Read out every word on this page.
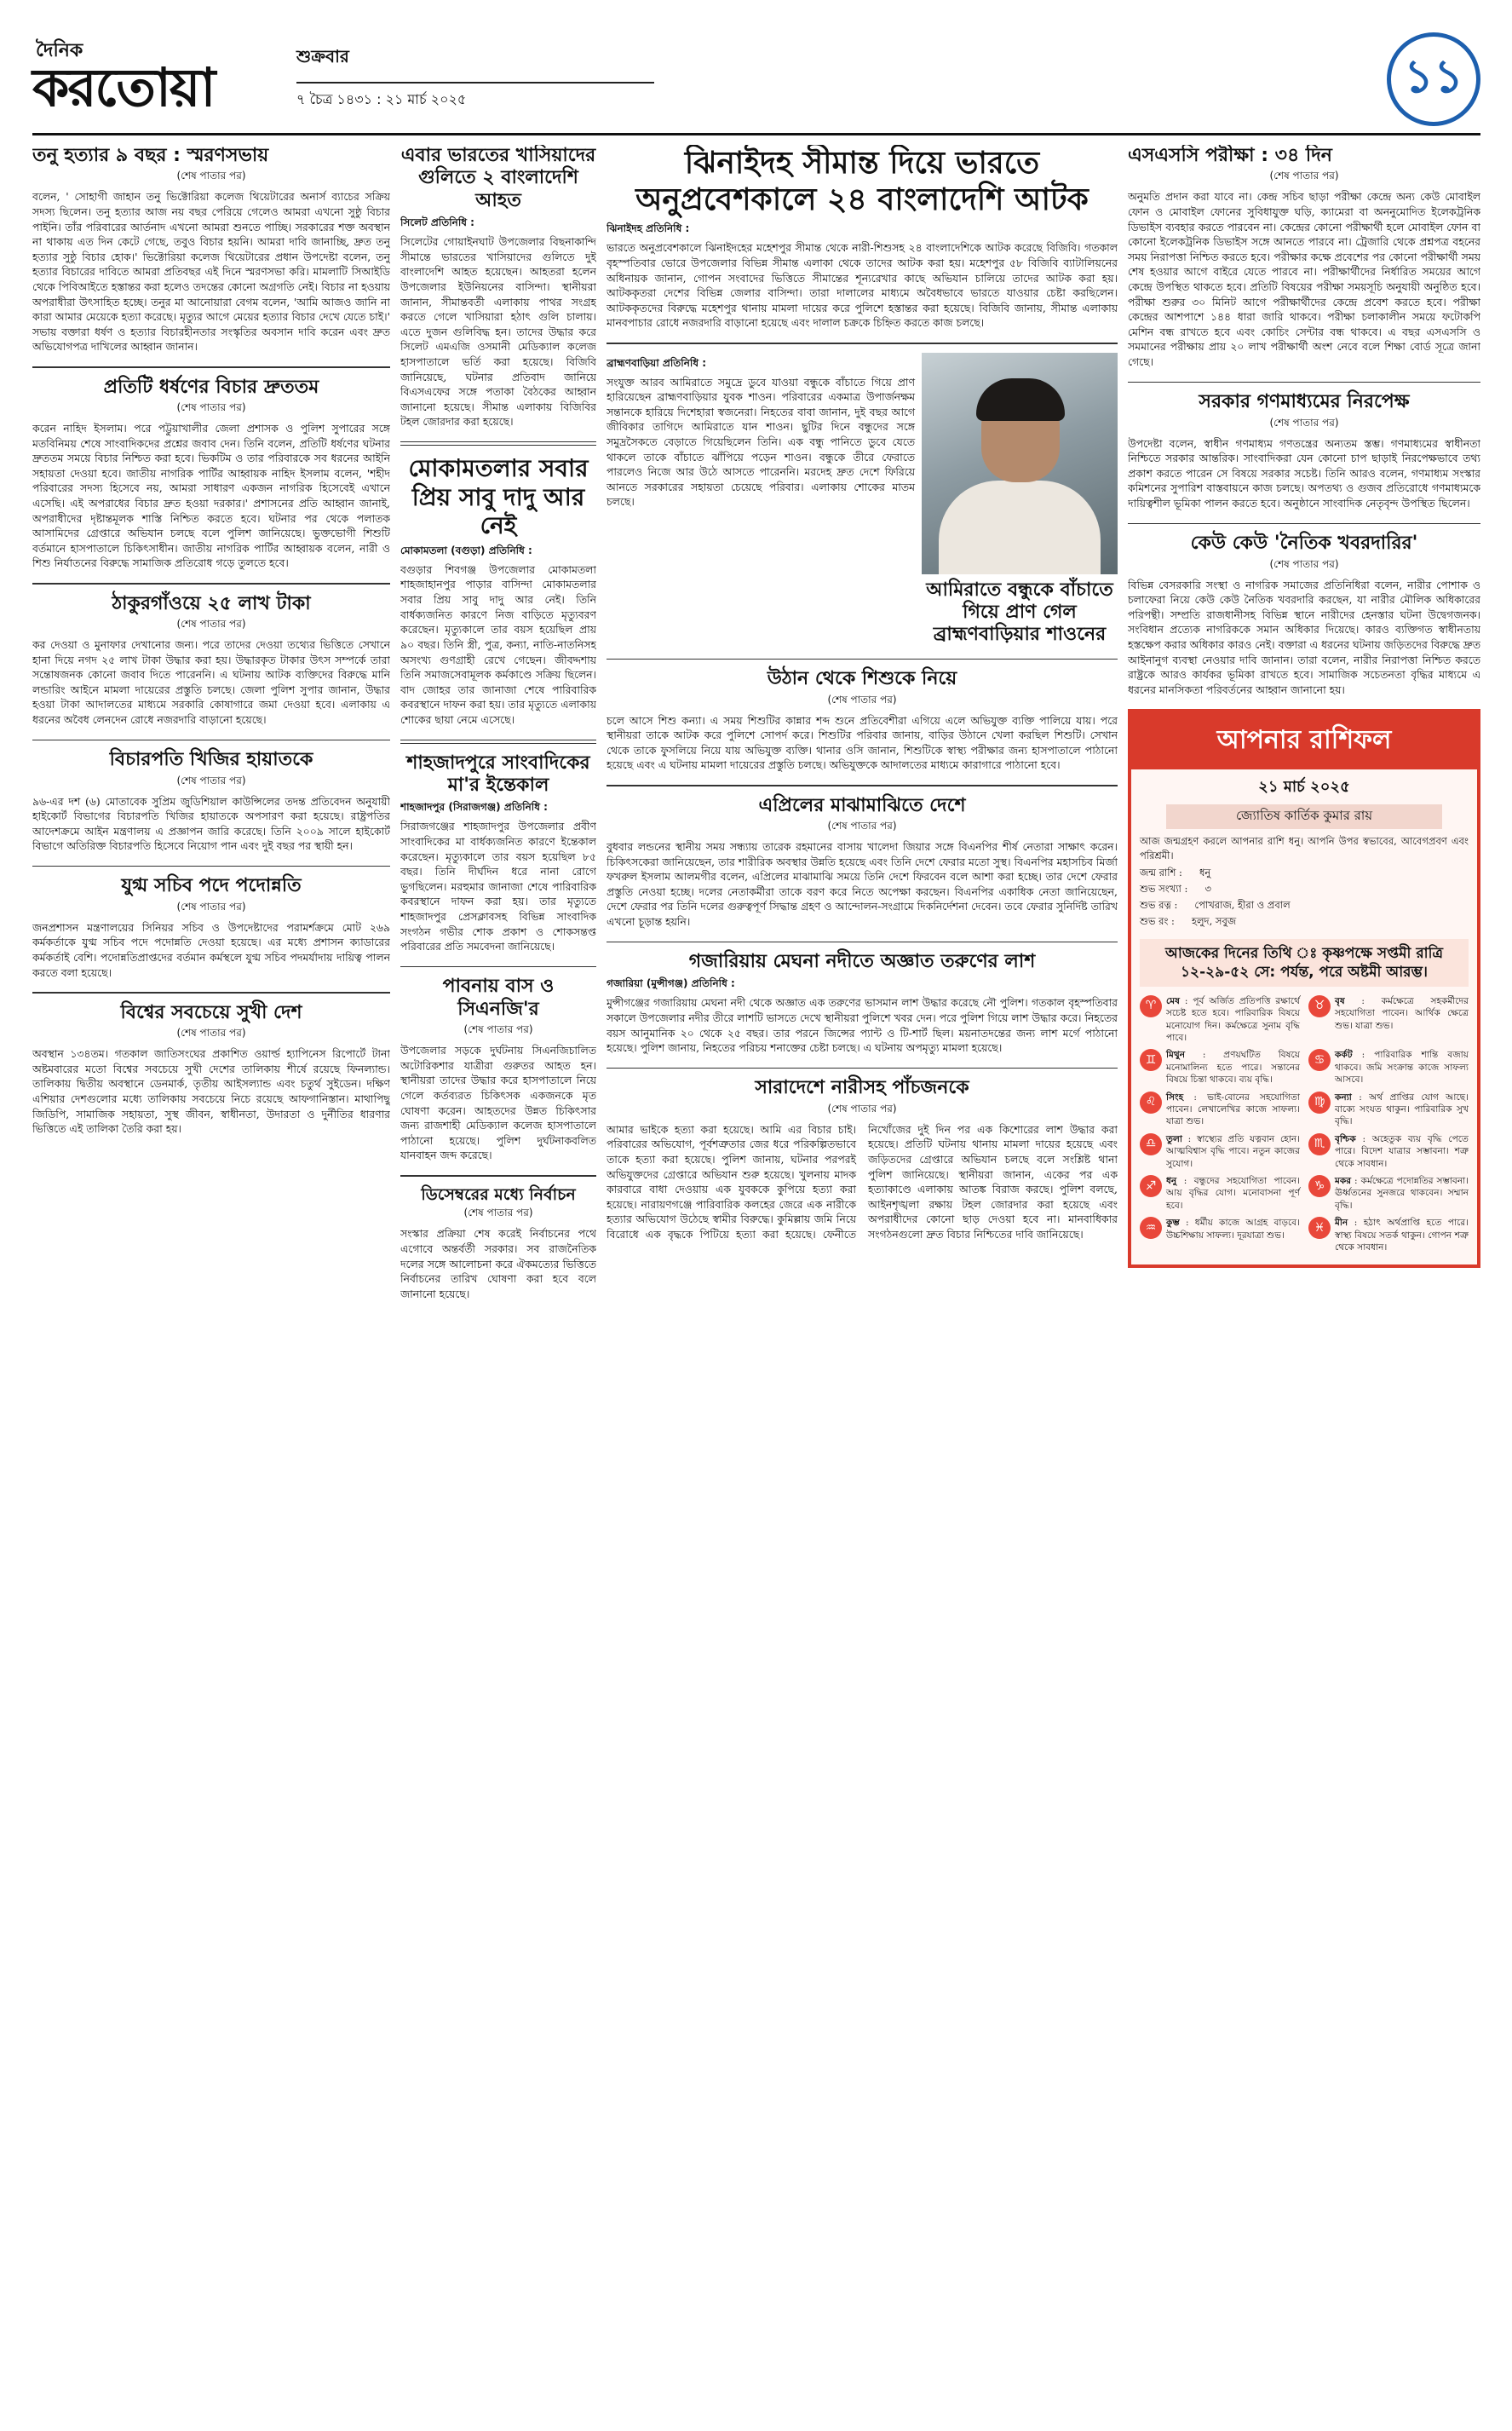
দৈনিক
করতোয়া	শুক্রবার
৭ চৈত্র ১৪৩১ : ২১ মার্চ ২০২৫	১১
তনু হত্যার ৯ বছর : স্মরণসভায়
(শেষ পাতার পর)
বলেন, ' সোহাগী জাহান তনু ভিক্টোরিয়া কলেজ থিয়েটারের অনার্স ব্যাচের সক্রিয় সদস্য ছিলেন। তনু হত্যার আজ নয় বছর পেরিয়ে গেলেও আমরা এখনো সুষ্ঠু বিচার পাইনি। তাঁর পরিবারের আর্তনাদ এখনো আমরা শুনতে পাচ্ছি। সরকারের শক্ত অবস্থান না থাকায় এত দিন কেটে গেছে, তবুও বিচার হয়নি। আমরা দাবি জানাচ্ছি, দ্রুত তনু হত্যার সুষ্ঠু বিচার হোক।' ভিক্টোরিয়া কলেজ থিয়েটারের প্রধান উপদেষ্টা বলেন, তনু হত্যার বিচারের দাবিতে আমরা প্রতিবছর এই দিনে স্মরণসভা করি। মামলাটি সিআইডি থেকে পিবিআইতে হস্তান্তর করা হলেও তদন্তের কোনো অগ্রগতি নেই। বিচার না হওয়ায় অপরাধীরা উৎসাহিত হচ্ছে। তনুর মা আনোয়ারা বেগম বলেন, 'আমি আজও জানি না কারা আমার মেয়েকে হত্যা করেছে। মৃত্যুর আগে মেয়ের হত্যার বিচার দেখে যেতে চাই।' সভায় বক্তারা ধর্ষণ ও হত্যার বিচারহীনতার সংস্কৃতির অবসান দাবি করেন এবং দ্রুত অভিযোগপত্র দাখিলের আহ্বান জানান।
প্রতিটি ধর্ষণের বিচার দ্রুততম
(শেষ পাতার পর)
করেন নাহিদ ইসলাম। পরে পট্টুয়াখালীর জেলা প্রশাসক ও পুলিশ সুপারের সঙ্গে মতবিনিময় শেষে সাংবাদিকদের প্রশ্নের জবাব দেন। তিনি বলেন, প্রতিটি ধর্ষণের ঘটনার দ্রুততম সময়ে বিচার নিশ্চিত করা হবে। ভিকটিম ও তার পরিবারকে সব ধরনের আইনি সহায়তা দেওয়া হবে। জাতীয় নাগরিক পার্টির আহ্বায়ক নাহিদ ইসলাম বলেন, 'শহীদ পরিবারের সদস্য হিসেবে নয়, আমরা সাধারণ একজন নাগরিক হিসেবেই এখানে এসেছি। এই অপরাধের বিচার দ্রুত হওয়া দরকার।' প্রশাসনের প্রতি আহ্বান জানাই, অপরাধীদের দৃষ্টান্তমূলক শাস্তি নিশ্চিত করতে হবে। ঘটনার পর থেকে পলাতক আসামিদের গ্রেপ্তারে অভিযান চলছে বলে পুলিশ জানিয়েছে। ভুক্তভোগী শিশুটি বর্তমানে হাসপাতালে চিকিৎসাধীন। জাতীয় নাগরিক পার্টির আহ্বায়ক বলেন, নারী ও শিশু নির্যাতনের বিরুদ্ধে সামাজিক প্রতিরোধ গড়ে তুলতে হবে।
ঠাকুরগাঁওয়ে ২৫ লাখ টাকা
(শেষ পাতার পর)
কর দেওয়া ও মুনাফার দেখানোর জন্য। পরে তাদের দেওয়া তথ্যের ভিত্তিতে সেখানে হানা দিয়ে নগদ ২৫ লাখ টাকা উদ্ধার করা হয়। উদ্ধারকৃত টাকার উৎস সম্পর্কে তারা সন্তোষজনক কোনো জবাব দিতে পারেননি। এ ঘটনায় আটক ব্যক্তিদের বিরুদ্ধে মানি লন্ডারিং আইনে মামলা দায়েরের প্রস্তুতি চলছে। জেলা পুলিশ সুপার জানান, উদ্ধার হওয়া টাকা আদালতের মাধ্যমে সরকারি কোষাগারে জমা দেওয়া হবে। এলাকায় এ ধরনের অবৈধ লেনদেন রোধে নজরদারি বাড়ানো হয়েছে।
বিচারপতি খিজির হায়াতকে
(শেষ পাতার পর)
৯৬-এর দশ (৬) মোতাবেক সুপ্রিম জুডিশিয়াল কাউন্সিলের তদন্ত প্রতিবেদন অনুযায়ী হাইকোর্ট বিভাগের বিচারপতি খিজির হায়াতকে অপসারণ করা হয়েছে। রাষ্ট্রপতির আদেশক্রমে আইন মন্ত্রণালয় এ প্রজ্ঞাপন জারি করেছে। তিনি ২০০৯ সালে হাইকোর্ট বিভাগে অতিরিক্ত বিচারপতি হিসেবে নিয়োগ পান এবং দুই বছর পর স্থায়ী হন।
যুগ্ম সচিব পদে পদোন্নতি
(শেষ পাতার পর)
জনপ্রশাসন মন্ত্রণালয়ের সিনিয়র সচিব ও উপদেষ্টাদের পরামর্শক্রমে মোট ২৬৯ কর্মকর্তাকে যুগ্ম সচিব পদে পদোন্নতি দেওয়া হয়েছে। এর মধ্যে প্রশাসন ক্যাডারের কর্মকর্তাই বেশি। পদোন্নতিপ্রাপ্তদের বর্তমান কর্মস্থলে যুগ্ম সচিব পদমর্যাদায় দায়িত্ব পালন করতে বলা হয়েছে।
বিশ্বের সবচেয়ে সুখী দেশ
(শেষ পাতার পর)
অবস্থান ১৩৪তম। গতকাল জাতিসংঘের প্রকাশিত ওয়ার্ল্ড হ্যাপিনেস রিপোর্টে টানা অষ্টমবারের মতো বিশ্বের সবচেয়ে সুখী দেশের তালিকায় শীর্ষে রয়েছে ফিনল্যান্ড। তালিকায় দ্বিতীয় অবস্থানে ডেনমার্ক, তৃতীয় আইসল্যান্ড এবং চতুর্থ সুইডেন। দক্ষিণ এশিয়ার দেশগুলোর মধ্যে তালিকায় সবচেয়ে নিচে রয়েছে আফগানিস্তান। মাথাপিছু জিডিপি, সামাজিক সহায়তা, সুস্থ জীবন, স্বাধীনতা, উদারতা ও দুর্নীতির ধারণার ভিত্তিতে এই তালিকা তৈরি করা হয়।
এবার ভারতের খাসিয়াদের গুলিতে ২ বাংলাদেশি আহত
সিলেট প্রতিনিধি :
সিলেটের গোয়াইনঘাট উপজেলার বিছনাকান্দি সীমান্তে ভারতের খাসিয়াদের গুলিতে দুই বাংলাদেশি আহত হয়েছেন। আহতরা হলেন উপজেলার ইউনিয়নের বাসিন্দা। স্থানীয়রা জানান, সীমান্তবর্তী এলাকায় পাথর সংগ্রহ করতে গেলে খাসিয়ারা হঠাৎ গুলি চালায়। এতে দুজন গুলিবিদ্ধ হন। তাদের উদ্ধার করে সিলেট এমএজি ওসমানী মেডিক্যাল কলেজ হাসপাতালে ভর্তি করা হয়েছে। বিজিবি জানিয়েছে, ঘটনার প্রতিবাদ জানিয়ে বিএসএফের সঙ্গে পতাকা বৈঠকের আহ্বান জানানো হয়েছে। সীমান্ত এলাকায় বিজিবির টহল জোরদার করা হয়েছে।
মোকামতলার সবার প্রিয় সাবু দাদু আর নেই
মোকামতলা (বগুড়া) প্রতিনিধি :
বগুড়ার শিবগঞ্জ উপজেলার মোকামতলা শাহজাহানপুর পাড়ার বাসিন্দা মোকামতলার সবার প্রিয় সাবু দাদু আর নেই। তিনি বার্ধক্যজনিত কারণে নিজ বাড়িতে মৃত্যুবরণ করেছেন। মৃত্যুকালে তার বয়স হয়েছিল প্রায় ৯০ বছর। তিনি স্ত্রী, পুত্র, কন্যা, নাতি-নাতনিসহ অসংখ্য গুণগ্রাহী রেখে গেছেন। জীবদ্দশায় তিনি সমাজসেবামূলক কর্মকাণ্ডে সক্রিয় ছিলেন। বাদ জোহর তার জানাজা শেষে পারিবারিক কবরস্থানে দাফন করা হয়। তার মৃত্যুতে এলাকায় শোকের ছায়া নেমে এসেছে।
শাহজাদপুরে সাংবাদিকের মা'র ইন্তেকাল
শাহজাদপুর (সিরাজগঞ্জ) প্রতিনিধি :
সিরাজগঞ্জের শাহজাদপুর উপজেলার প্রবীণ সাংবাদিকের মা বার্ধক্যজনিত কারণে ইন্তেকাল করেছেন। মৃত্যুকালে তার বয়স হয়েছিল ৮৫ বছর। তিনি দীর্ঘদিন ধরে নানা রোগে ভুগছিলেন। মরহুমার জানাজা শেষে পারিবারিক কবরস্থানে দাফন করা হয়। তার মৃত্যুতে শাহজাদপুর প্রেসক্লাবসহ বিভিন্ন সাংবাদিক সংগঠন গভীর শোক প্রকাশ ও শোকসন্তপ্ত পরিবারের প্রতি সমবেদনা জানিয়েছে।
পাবনায় বাস ও সিএনজি'র
(শেষ পাতার পর)
উপজেলার সড়কে দুর্ঘটনায় সিএনজিচালিত অটোরিকশার যাত্রীরা গুরুতর আহত হন। স্থানীয়রা তাদের উদ্ধার করে হাসপাতালে নিয়ে গেলে কর্তব্যরত চিকিৎসক একজনকে মৃত ঘোষণা করেন। আহতদের উন্নত চিকিৎসার জন্য রাজশাহী মেডিক্যাল কলেজ হাসপাতালে পাঠানো হয়েছে। পুলিশ দুর্ঘটনাকবলিত যানবাহন জব্দ করেছে।
ডিসেম্বরের মধ্যে নির্বাচন
(শেষ পাতার পর)
সংস্কার প্রক্রিয়া শেষ করেই নির্বাচনের পথে এগোবে অন্তর্বর্তী সরকার। সব রাজনৈতিক দলের সঙ্গে আলোচনা করে ঐকমত্যের ভিত্তিতে নির্বাচনের তারিখ ঘোষণা করা হবে বলে জানানো হয়েছে।
ঝিনাইদহ সীমান্ত দিয়ে ভারতে অনুপ্রবেশকালে ২৪ বাংলাদেশি আটক
ঝিনাইদহ প্রতিনিধি :
ভারতে অনুপ্রবেশকালে ঝিনাইদহের মহেশপুর সীমান্ত থেকে নারী-শিশুসহ ২৪ বাংলাদেশিকে আটক করেছে বিজিবি। গতকাল বৃহস্পতিবার ভোরে উপজেলার বিভিন্ন সীমান্ত এলাকা থেকে তাদের আটক করা হয়। মহেশপুর ৫৮ বিজিবি ব্যাটালিয়নের অধিনায়ক জানান, গোপন সংবাদের ভিত্তিতে সীমান্তের শূন্যরেখার কাছে অভিযান চালিয়ে তাদের আটক করা হয়। আটককৃতরা দেশের বিভিন্ন জেলার বাসিন্দা। তারা দালালের মাধ্যমে অবৈধভাবে ভারতে যাওয়ার চেষ্টা করছিলেন। আটককৃতদের বিরুদ্ধে মহেশপুর থানায় মামলা দায়ের করে পুলিশে হস্তান্তর করা হয়েছে। বিজিবি জানায়, সীমান্ত এলাকায় মানবপাচার রোধে নজরদারি বাড়ানো হয়েছে এবং দালাল চক্রকে চিহ্নিত করতে কাজ চলছে।
ব্রাহ্মণবাড়িয়া প্রতিনিধি :
সংযুক্ত আরব আমিরাতে সমুদ্রে ডুবে যাওয়া বন্ধুকে বাঁচাতে গিয়ে প্রাণ হারিয়েছেন ব্রাহ্মণবাড়িয়ার যুবক শাওন। পরিবারের একমাত্র উপার্জনক্ষম সন্তানকে হারিয়ে দিশেহারা স্বজনেরা। নিহতের বাবা জানান, দুই বছর আগে জীবিকার তাগিদে আমিরাতে যান শাওন। ছুটির দিনে বন্ধুদের সঙ্গে সমুদ্রসৈকতে বেড়াতে গিয়েছিলেন তিনি। এক বন্ধু পানিতে ডুবে যেতে থাকলে তাকে বাঁচাতে ঝাঁপিয়ে পড়েন শাওন। বন্ধুকে তীরে ফেরাতে পারলেও নিজে আর উঠে আসতে পারেননি। মরদেহ দ্রুত দেশে ফিরিয়ে আনতে সরকারের সহায়তা চেয়েছে পরিবার। এলাকায় শোকের মাতম চলছে।
আমিরাতে বন্ধুকে বাঁচাতে গিয়ে প্রাণ গেল ব্রাহ্মণবাড়িয়ার শাওনের
উঠান থেকে শিশুকে নিয়ে
(শেষ পাতার পর)
চলে আসে শিশু কন্যা। এ সময় শিশুটির কান্নার শব্দ শুনে প্রতিবেশীরা এগিয়ে এলে অভিযুক্ত ব্যক্তি পালিয়ে যায়। পরে স্থানীয়রা তাকে আটক করে পুলিশে সোপর্দ করে। শিশুটির পরিবার জানায়, বাড়ির উঠানে খেলা করছিল শিশুটি। সেখান থেকে তাকে ফুসলিয়ে নিয়ে যায় অভিযুক্ত ব্যক্তি। থানার ওসি জানান, শিশুটিকে স্বাস্থ্য পরীক্ষার জন্য হাসপাতালে পাঠানো হয়েছে এবং এ ঘটনায় মামলা দায়েরের প্রস্তুতি চলছে। অভিযুক্তকে আদালতের মাধ্যমে কারাগারে পাঠানো হবে।
এপ্রিলের মাঝামাঝিতে দেশে
(শেষ পাতার পর)
বুধবার লন্ডনের স্থানীয় সময় সন্ধ্যায় তারেক রহমানের বাসায় খালেদা জিয়ার সঙ্গে বিএনপির শীর্ষ নেতারা সাক্ষাৎ করেন। চিকিৎসকেরা জানিয়েছেন, তার শারীরিক অবস্থার উন্নতি হয়েছে এবং তিনি দেশে ফেরার মতো সুস্থ। বিএনপির মহাসচিব মির্জা ফখরুল ইসলাম আলমগীর বলেন, এপ্রিলের মাঝামাঝি সময়ে তিনি দেশে ফিরবেন বলে আশা করা হচ্ছে। তার দেশে ফেরার প্রস্তুতি নেওয়া হচ্ছে। দলের নেতাকর্মীরা তাকে বরণ করে নিতে অপেক্ষা করছেন। বিএনপির একাধিক নেতা জানিয়েছেন, দেশে ফেরার পর তিনি দলের গুরুত্বপূর্ণ সিদ্ধান্ত গ্রহণ ও আন্দোলন-সংগ্রামে দিকনির্দেশনা দেবেন। তবে ফেরার সুনির্দিষ্ট তারিখ এখনো চূড়ান্ত হয়নি।
গজারিয়ায় মেঘনা নদীতে অজ্ঞাত তরুণের লাশ
গজারিয়া (মুন্সীগঞ্জ) প্রতিনিধি :
মুন্সীগঞ্জের গজারিয়ায় মেঘনা নদী থেকে অজ্ঞাত এক তরুণের ভাসমান লাশ উদ্ধার করেছে নৌ পুলিশ। গতকাল বৃহস্পতিবার সকালে উপজেলার নদীর তীরে লাশটি ভাসতে দেখে স্থানীয়রা পুলিশে খবর দেন। পরে পুলিশ গিয়ে লাশ উদ্ধার করে। নিহতের বয়স আনুমানিক ২০ থেকে ২৫ বছর। তার পরনে জিন্সের প্যান্ট ও টি-শার্ট ছিল। ময়নাতদন্তের জন্য লাশ মর্গে পাঠানো হয়েছে। পুলিশ জানায়, নিহতের পরিচয় শনাক্তের চেষ্টা চলছে। এ ঘটনায় অপমৃত্যু মামলা হয়েছে।
সারাদেশে নারীসহ পাঁচজনকে
(শেষ পাতার পর)
আমার ভাইকে হত্যা করা হয়েছে। আমি এর বিচার চাই। পরিবারের অভিযোগ, পূর্বশত্রুতার জের ধরে পরিকল্পিতভাবে তাকে হত্যা করা হয়েছে। পুলিশ জানায়, ঘটনার পরপরই অভিযুক্তদের গ্রেপ্তারে অভিযান শুরু হয়েছে। খুলনায় মাদক কারবারে বাধা দেওয়ায় এক যুবককে কুপিয়ে হত্যা করা হয়েছে। নারায়ণগঞ্জে পারিবারিক কলহের জেরে এক নারীকে হত্যার অভিযোগ উঠেছে স্বামীর বিরুদ্ধে। কুমিল্লায় জমি নিয়ে বিরোধে এক বৃদ্ধকে পিটিয়ে হত্যা করা হয়েছে। ফেনীতে নিখোঁজের দুই দিন পর এক কিশোরের লাশ উদ্ধার করা হয়েছে। প্রতিটি ঘটনায় থানায় মামলা দায়ের হয়েছে এবং জড়িতদের গ্রেপ্তারে অভিযান চলছে বলে সংশ্লিষ্ট থানা পুলিশ জানিয়েছে। স্থানীয়রা জানান, একের পর এক হত্যাকাণ্ডে এলাকায় আতঙ্ক বিরাজ করছে। পুলিশ বলছে, আইনশৃঙ্খলা রক্ষায় টহল জোরদার করা হয়েছে এবং অপরাধীদের কোনো ছাড় দেওয়া হবে না। মানবাধিকার সংগঠনগুলো দ্রুত বিচার নিশ্চিতের দাবি জানিয়েছে।
এসএসসি পরীক্ষা : ৩৪ দিন
(শেষ পাতার পর)
অনুমতি প্রদান করা যাবে না। কেন্দ্র সচিব ছাড়া পরীক্ষা কেন্দ্রে অন্য কেউ মোবাইল ফোন ও মোবাইল ফোনের সুবিধাযুক্ত ঘড়ি, ক্যামেরা বা অননুমোদিত ইলেকট্রনিক ডিভাইস ব্যবহার করতে পারবেন না। কেন্দ্রের কোনো পরীক্ষার্থী হলে মোবাইল ফোন বা কোনো ইলেকট্রনিক ডিভাইস সঙ্গে আনতে পারবে না। ট্রেজারি থেকে প্রশ্নপত্র বহনের সময় নিরাপত্তা নিশ্চিত করতে হবে। পরীক্ষার কক্ষে প্রবেশের পর কোনো পরীক্ষার্থী সময় শেষ হওয়ার আগে বাইরে যেতে পারবে না। পরীক্ষার্থীদের নির্ধারিত সময়ের আগে কেন্দ্রে উপস্থিত থাকতে হবে। প্রতিটি বিষয়ের পরীক্ষা সময়সূচি অনুযায়ী অনুষ্ঠিত হবে। পরীক্ষা শুরুর ৩০ মিনিট আগে পরীক্ষার্থীদের কেন্দ্রে প্রবেশ করতে হবে। পরীক্ষা কেন্দ্রের আশপাশে ১৪৪ ধারা জারি থাকবে। পরীক্ষা চলাকালীন সময়ে ফটোকপি মেশিন বন্ধ রাখতে হবে এবং কোচিং সেন্টার বন্ধ থাকবে। এ বছর এসএসসি ও সমমানের পরীক্ষায় প্রায় ২০ লাখ পরীক্ষার্থী অংশ নেবে বলে শিক্ষা বোর্ড সূত্রে জানা গেছে।
সরকার গণমাধ্যমের নিরপেক্ষ
(শেষ পাতার পর)
উপদেষ্টা বলেন, স্বাধীন গণমাধ্যম গণতন্ত্রের অন্যতম স্তম্ভ। গণমাধ্যমের স্বাধীনতা নিশ্চিতে সরকার আন্তরিক। সাংবাদিকরা যেন কোনো চাপ ছাড়াই নিরপেক্ষভাবে তথ্য প্রকাশ করতে পারেন সে বিষয়ে সরকার সচেষ্ট। তিনি আরও বলেন, গণমাধ্যম সংস্কার কমিশনের সুপারিশ বাস্তবায়নে কাজ চলছে। অপতথ্য ও গুজব প্রতিরোধে গণমাধ্যমকে দায়িত্বশীল ভূমিকা পালন করতে হবে। অনুষ্ঠানে সাংবাদিক নেতৃবৃন্দ উপস্থিত ছিলেন।
কেউ কেউ 'নৈতিক খবরদারির'
(শেষ পাতার পর)
বিভিন্ন বেসরকারি সংস্থা ও নাগরিক সমাজের প্রতিনিধিরা বলেন, নারীর পোশাক ও চলাফেরা নিয়ে কেউ কেউ নৈতিক খবরদারি করছেন, যা নারীর মৌলিক অধিকারের পরিপন্থী। সম্প্রতি রাজধানীসহ বিভিন্ন স্থানে নারীদের হেনস্তার ঘটনা উদ্বেগজনক। সংবিধান প্রত্যেক নাগরিককে সমান অধিকার দিয়েছে। কারও ব্যক্তিগত স্বাধীনতায় হস্তক্ষেপ করার অধিকার কারও নেই। বক্তারা এ ধরনের ঘটনায় জড়িতদের বিরুদ্ধে দ্রুত আইনানুগ ব্যবস্থা নেওয়ার দাবি জানান। তারা বলেন, নারীর নিরাপত্তা নিশ্চিত করতে রাষ্ট্রকে আরও কার্যকর ভূমিকা রাখতে হবে। সামাজিক সচেতনতা বৃদ্ধির মাধ্যমে এ ধরনের মানসিকতা পরিবর্তনের আহ্বান জানানো হয়।
আপনার রাশিফল
২১ মার্চ ২০২৫
জ্যোতিষ কার্তিক কুমার রায়
আজ জন্মগ্রহণ করলে আপনার রাশি ধনু। আপনি উপর স্বভাবের, আবেগপ্রবণ এবং পরিশ্রমী।
জন্ম রাশি : ধনু
শুভ সংখ্যা : ৩
শুভ রত্ন : পোখরাজ, হীরা ও প্রবাল
শুভ রং : হলুদ, সবুজ
আজকের দিনের তিথি ঃ কৃষ্ণপক্ষে সপ্তমী রাত্রি ১২-২৯-৫২ সে: পর্যন্ত, পরে অষ্টমী আরম্ভ।
♈	মেষ : পূর্ব অর্জিত প্রতিপত্তি রক্ষার্থে সচেষ্ট হতে হবে। পারিবারিক বিষয়ে মনোযোগ দিন। কর্মক্ষেত্রে সুনাম বৃদ্ধি পাবে।
♉	বৃষ : কর্মক্ষেত্রে সহকর্মীদের সহযোগিতা পাবেন। আর্থিক ক্ষেত্রে শুভ। যাত্রা শুভ।
♊	মিথুন : প্রণয়ঘটিত বিষয়ে মনোমালিন্য হতে পারে। সন্তানের বিষয়ে চিন্তা থাকবে। ব্যয় বৃদ্ধি।
♋	কর্কট : পারিবারিক শান্তি বজায় থাকবে। জমি সংক্রান্ত কাজে সাফল্য আসবে।
♌	সিংহ : ভাই-বোনের সহযোগিতা পাবেন। লেখালেখির কাজে সাফল্য। যাত্রা শুভ।
♍	কন্যা : অর্থ প্রাপ্তির যোগ আছে। বাক্যে সংযত থাকুন। পারিবারিক সুখ বৃদ্ধি।
♎	তুলা : স্বাস্থ্যের প্রতি যত্নবান হোন। আত্মবিশ্বাস বৃদ্ধি পাবে। নতুন কাজের সুযোগ।
♏	বৃশ্চিক : অহেতুক ব্যয় বৃদ্ধি পেতে পারে। বিদেশ যাত্রার সম্ভাবনা। শত্রু থেকে সাবধান।
♐	ধনু : বন্ধুদের সহযোগিতা পাবেন। আয় বৃদ্ধির যোগ। মনোবাসনা পূর্ণ হবে।
♑	মকর : কর্মক্ষেত্রে পদোন্নতির সম্ভাবনা। ঊর্ধ্বতনের সুনজরে থাকবেন। সম্মান বৃদ্ধি।
♒	কুম্ভ : ধর্মীয় কাজে আগ্রহ বাড়বে। উচ্চশিক্ষায় সাফল্য। দূরযাত্রা শুভ।
♓	মীন : হঠাৎ অর্থপ্রাপ্তি হতে পারে। স্বাস্থ্য বিষয়ে সতর্ক থাকুন। গোপন শত্রু থেকে সাবধান।
